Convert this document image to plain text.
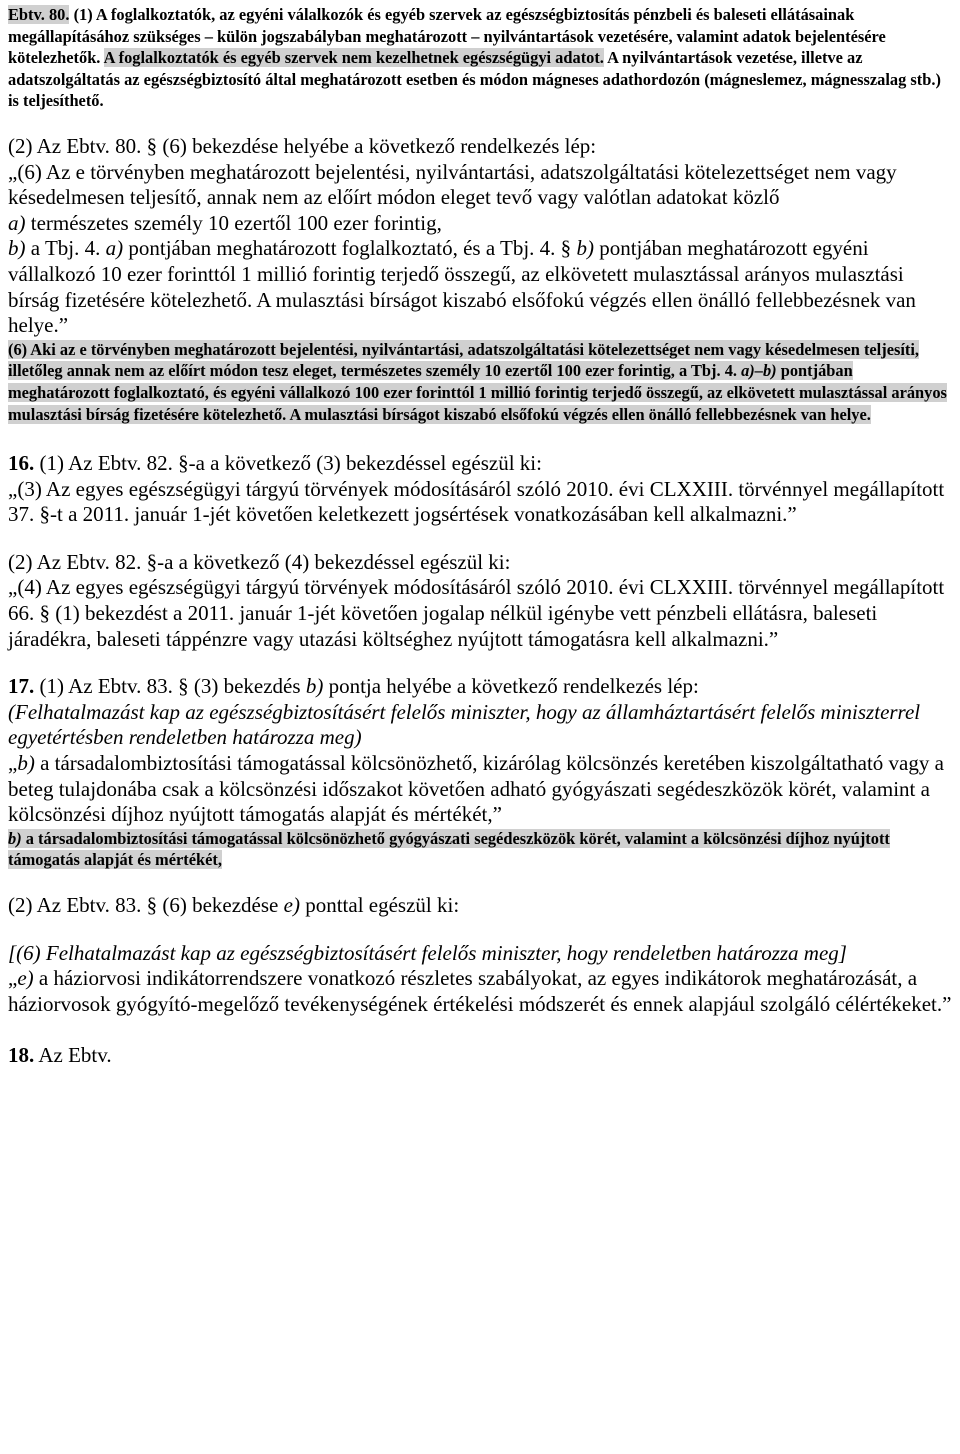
Ebtv. 80. (1) A foglalkoztatók, az egyéni válalkozók és egyéb szervek az egészségbiztosítás pénzbeli és baleseti ellátásainak megállapításához szükséges – külön jogszabályban meghatározott – nyilvántartások vezetésére, valamint adatok bejelentésére kötelezhetők. A foglalkoztatók és egyéb szervek nem kezelhetnek egészségügyi adatot. A nyilvántartások vezetése, illetve az adatszolgáltatás az egészségbiztosító által meghatározott esetben és módon mágneses adathordozón (mágneslemez, mágnesszalag stb.) is teljesíthető.

(2) Az Ebtv. 80. § (6) bekezdése helyébe a következő rendelkezés lép:

„(6) Az e törvényben meghatározott bejelentési, nyilvántartási, adatszolgáltatási kötelezettséget nem vagy késedelmesen teljesítő, annak nem az előírt módon eleget tevő vagy valótlan adatokat közlő

a) természetes személy 10 ezertől 100 ezer forintig,

b) a Tbj. 4. a) pontjában meghatározott foglalkoztató, és a Tbj. 4. § b) pontjában meghatározott egyéni vállalkozó 10 ezer forinttól 1 millió forintig terjedő összegű, az elkövetett mulasztással arányos mulasztási bírság fizetésére kötelezhető. A mulasztási bírságot kiszabó elsőfokú végzés ellen önálló fellebbezésnek van helye.”

(6) Aki az e törvényben meghatározott bejelentési, nyilvántartási, adatszolgáltatási kötelezettséget nem vagy késedelmesen teljesíti, illetőleg annak nem az előírt módon tesz eleget, természetes személy 10 ezertől 100 ezer forintig, a Tbj. 4. a)–b) pontjában meghatározott foglalkoztató, és egyéni vállalkozó 100 ezer forinttól 1 millió forintig terjedő összegű, az elkövetett mulasztással arányos mulasztási bírság fizetésére kötelezhető. A mulasztási bírságot kiszabó elsőfokú végzés ellen önálló fellebbezésnek van helye.

16. (1) Az Ebtv. 82. §-a a következő (3) bekezdéssel egészül ki:

„(3) Az egyes egészségügyi tárgyú törvények módosításáról szóló 2010. évi CLXXIII. törvénnyel megállapított 37. §-t a 2011. január 1-jét követően keletkezett jogsértések vonatkozásában kell alkalmazni.”

(2) Az Ebtv. 82. §-a a következő (4) bekezdéssel egészül ki:

„(4) Az egyes egészségügyi tárgyú törvények módosításáról szóló 2010. évi CLXXIII. törvénnyel megállapított 66. § (1) bekezdést a 2011. január 1-jét követően jogalap nélkül igénybe vett pénzbeli ellátásra, baleseti járadékra, baleseti táppénzre vagy utazási költséghez nyújtott támogatásra kell alkalmazni.”

17. (1) Az Ebtv. 83. § (3) bekezdés b) pontja helyébe a következő rendelkezés lép:

(Felhatalmazást kap az egészségbiztosításért felelős miniszter, hogy az államháztartásért felelős miniszterrel egyetértésben rendeletben határozza meg)

„b) a társadalombiztosítási támogatással kölcsönözhető, kizárólag kölcsönzés keretében kiszolgáltatható vagy a beteg tulajdonába csak a kölcsönzési időszakot követően adható gyógyászati segédeszközök körét, valamint a kölcsönzési díjhoz nyújtott támogatás alapját és mértékét,”

b) a társadalombiztosítási támogatással kölcsönözhető gyógyászati segédeszközök körét, valamint a kölcsönzési díjhoz nyújtott támogatás alapját és mértékét,

(2) Az Ebtv. 83. § (6) bekezdése e) ponttal egészül ki:

[(6) Felhatalmazást kap az egészségbiztosításért felelős miniszter, hogy rendeletben határozza meg]

„e) a háziorvosi indikátorrendszere vonatkozó részletes szabályokat, az egyes indikátorok meghatározását, a háziorvosok gyógyító-megelőző tevékenységének értékelési módszerét és ennek alapjául szolgáló célértékeket.”

18. Az Ebtv.
